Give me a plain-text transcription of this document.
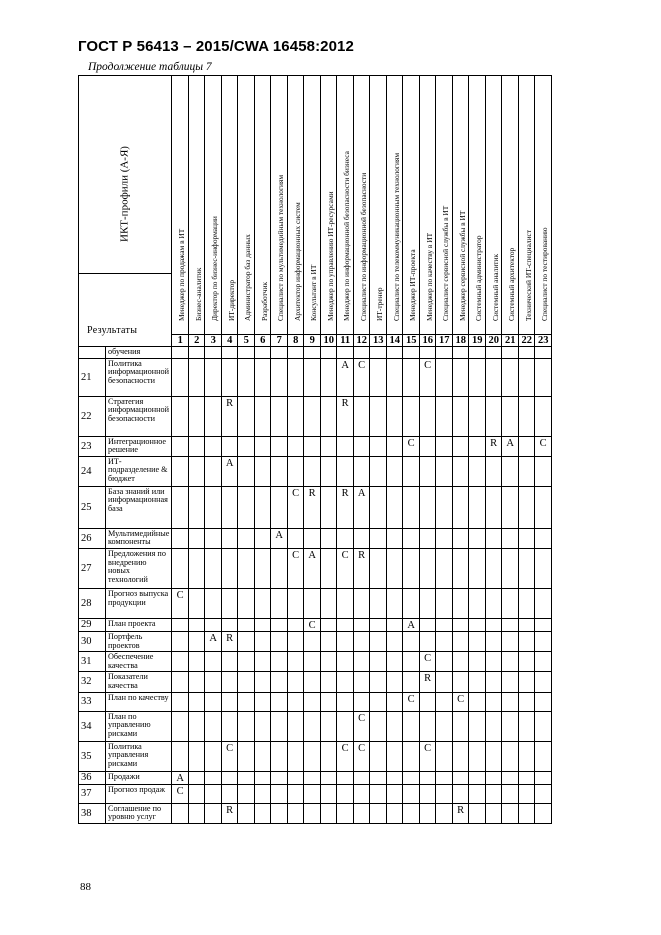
ГОСТ Р 56413 – 2015/CWA 16458:2012
Продолжение таблицы 7
ИКТ-профили (А-Я)
Результаты		Менеджер по продажам в ИТ	Бизнес-аналитик	Директор по бизнес-информации	ИТ-директор	Администратор баз данных	Разработчик	Специалист по мультимедийным технологиям	Архитектор информационных систем	Консультант в ИТ	Менеджер по управлению ИТ-ресурсами	Менеджер по информационной безопасности бизнеса	Специалист по информационной безопасности	ИТ-тренер	Специалист по телекоммуникационным технологиям	Менеджер ИТ-проекта	Менеджер по качеству в ИТ	Специалист сервисной службы в ИТ	Менеджер сервисной службы в ИТ	Системный администратор	Системный аналитик	Системный архитектор	Технический ИТ-специалист	Специалист по тестированию

		1	2	3	4	5	6	7	8	9	10	11	12	13	14	15	16	17	18	19	20	21	22	23
	обучения																							
21	Политика информационной безопасности											A	C				C							
22	Стратегия информационной безопасности				R							R												
23	Интеграционное решение															C					R	A		C
24	ИТ-подразделение & бюджет				A																			
25	База знаний или информационная база								C	R		R	A											
26	Мультимедийные компоненты							A																
27	Предложения по внедрению новых технологий								C	A		C	R											
28	Прогноз выпуска продукции	C																						
29	План проекта									C						A								
30	Портфель проектов			A	R																			
31	Обеспечение качества																C							
32	Показатели качества																R							
33	План по качеству															C			C					
34	План по управлению рисками												C											
35	Политика управления рисками				C							C	C				C							
36	Продажи	A																						
37	Прогноз продаж	C																						
38	Соглашение по уровню услуг				R														R					
88
